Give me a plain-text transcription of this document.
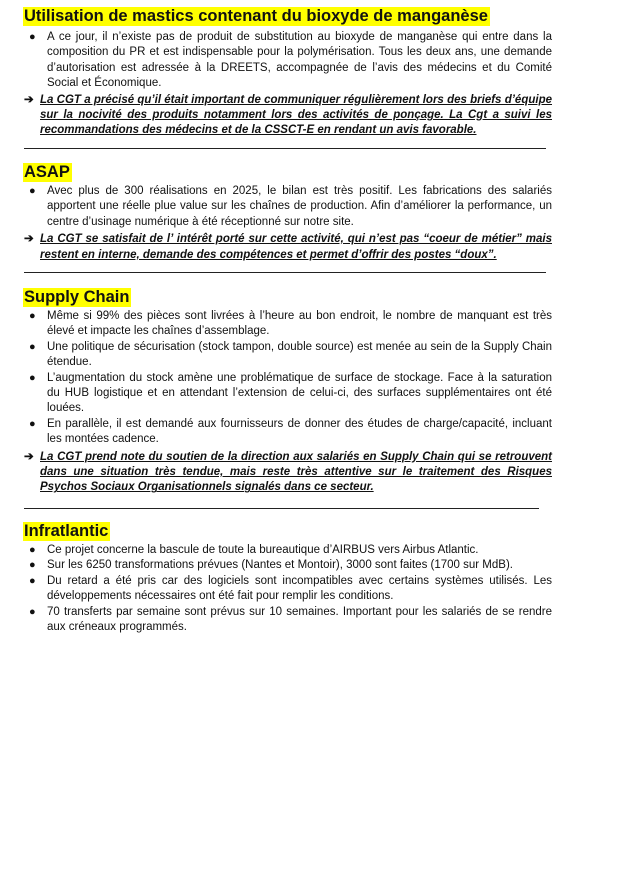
Utilisation de mastics contenant du bioxyde de manganèse
● A ce jour, il n’existe pas de produit de substitution au bioxyde de manganèse qui entre dans la composition du PR et est indispensable pour la polymérisation. Tous les deux ans, une demande d’autorisation est adressée à la DREETS, accompagnée de l’avis des médecins et du Comité Social et Économique.
➔ La CGT a précisé qu’il était important de communiquer régulièrement lors des briefs d’équipe sur la nocivité des produits notamment lors des activités de ponçage. La Cgt a suivi les recommandations des médecins et de la CSSCT-E en rendant un avis favorable.
ASAP
● Avec plus de 300 réalisations en 2025, le bilan est très positif. Les fabrications des salariés apportent une réelle plue value sur les chaînes de production. Afin d’améliorer la performance, un centre d’usinage numérique à été réceptionné sur notre site.
➔ La CGT se satisfait de l’ intérêt porté sur cette activité, qui n’est pas “coeur de métier” mais restent en interne, demande des compétences et permet d’offrir des postes “doux”.
Supply Chain
● Même si 99% des pièces sont livrées à l’heure au bon endroit, le nombre de manquant est très élevé et impacte les chaînes d’assemblage.
● Une politique de sécurisation (stock tampon, double source) est menée au sein de la Supply Chain étendue.
● L’augmentation du stock amène une problématique de surface de stockage. Face à la saturation du HUB logistique et en attendant l’extension de celui-ci, des surfaces supplémentaires ont été louées.
● En parallèle, il est demandé aux fournisseurs de donner des études de charge/capacité, incluant les montées cadence.
➔ La CGT prend note du soutien de la direction aux salariés en Supply Chain qui se retrouvent dans une situation très tendue, mais reste très attentive sur le traitement des Risques Psychos Sociaux Organisationnels signalés dans ce secteur.
Infratlantic
● Ce projet concerne la bascule de toute la bureautique d’AIRBUS vers Airbus Atlantic.
● Sur les 6250 transformations prévues (Nantes et Montoir), 3000 sont faites (1700 sur MdB).
● Du retard a été pris car des logiciels sont incompatibles avec certains systèmes utilisés. Les développements nécessaires ont été fait pour remplir les conditions.
● 70 transferts par semaine sont prévus sur 10 semaines. Important pour les salariés de se rendre aux créneaux programmés.
